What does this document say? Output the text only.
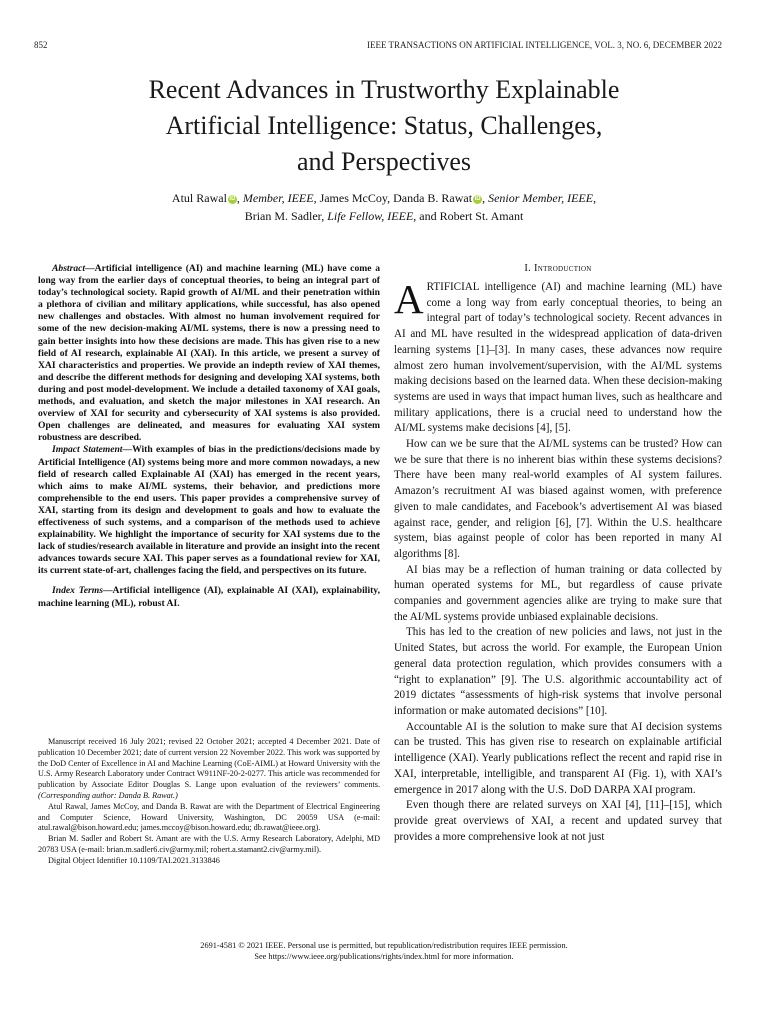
852	IEEE TRANSACTIONS ON ARTIFICIAL INTELLIGENCE, VOL. 3, NO. 6, DECEMBER 2022
Recent Advances in Trustworthy Explainable
Artificial Intelligence: Status, Challenges,
and Perspectives
Atul Rawal iD , Member, IEEE, James McCoy, Danda B. Rawat iD , Senior Member, IEEE,
Brian M. Sadler, Life Fellow, IEEE, and Robert St. Amant

Abstract—Artificial intelligence (AI) and machine learning (ML) have come a long way from the earlier days of conceptual theories, to being an integral part of today’s technological society. Rapid growth of AI/ML and their penetration within a plethora of civilian and military applications, while successful, has also opened new challenges and obstacles. With almost no human involvement required for some of the new decision-making AI/ML systems, there is now a pressing need to gain better insights into how these decisions are made. This has given rise to a new field of AI research, explainable AI (XAI). In this article, we present a survey of XAI characteristics and properties. We provide an indepth review of XAI themes, and describe the different methods for designing and developing XAI systems, both during and post model-development. We include a detailed taxonomy of XAI goals, methods, and evaluation, and sketch the major milestones in XAI research. An overview of XAI for security and cybersecurity of XAI systems is also provided. Open challenges are delineated, and measures for evaluating XAI system robustness are described.

Impact Statement—With examples of bias in the predictions/decisions made by Artificial Intelligence (AI) systems being more and more common nowadays, a new field of research called Explainable AI (XAI) has emerged in the recent years, which aims to make AI/ML systems, their behavior, and predictions more comprehensible to the end users. This paper provides a comprehensive survey of XAI, starting from its design and development to goals and how to evaluate the effectiveness of such systems, and a comparison of the methods used to achieve explainability. We highlight the importance of security for XAI systems due to the lack of studies/research available in literature and provide an insight into the recent advances towards secure XAI. This paper serves as a foundational review for XAI, its current state-of-art, challenges facing the field, and perspectives on its future.

Index Terms—Artificial intelligence (AI), explainable AI (XAI), explainability, machine learning (ML), robust AI.

Manuscript received 16 July 2021; revised 22 October 2021; accepted 4 December 2021. Date of publication 10 December 2021; date of current version 22 November 2022. This work was supported by the DoD Center of Excellence in AI and Machine Learning (CoE-AIML) at Howard University with the U.S. Army Research Laboratory under Contract W911NF-20-2-0277. This article was recommended for publication by Associate Editor Douglas S. Lange upon evaluation of the reviewers’ comments. (Corresponding author: Danda B. Rawat.)

Atul Rawal, James McCoy, and Danda B. Rawat are with the Department of Electrical Engineering and Computer Science, Howard University, Washington, DC 20059 USA (e-mail: atul.rawal@bison.howard.edu; james.mccoy@bison.howard.edu; db.rawat@ieee.org).

Brian M. Sadler and Robert St. Amant are with the U.S. Army Research Laboratory, Adelphi, MD 20783 USA (e-mail: brian.m.sadler6.civ@army.mil; robert.a.stamant2.civ@army.mil).

Digital Object Identifier 10.1109/TAI.2021.3133846

I. Introduction

ARTIFICIAL intelligence (AI) and machine learning (ML) have come a long way from early conceptual theories, to being an integral part of today’s technological society. Recent advances in AI and ML have resulted in the widespread application of data-driven learning systems [1]–[3]. In many cases, these advances now require almost zero human involvement/supervision, with the AI/ML systems making decisions based on the learned data. When these decision-making systems are used in ways that impact human lives, such as healthcare and military applications, there is a crucial need to understand how the AI/ML systems make decisions [4], [5].

How can we be sure that the AI/ML systems can be trusted? How can we be sure that there is no inherent bias within these systems decisions? There have been many real-world examples of AI system failures. Amazon’s recruitment AI was biased against women, with preference given to male candidates, and Facebook’s advertisement AI was biased against race, gender, and religion [6], [7]. Within the U.S. healthcare system, bias against people of color has been reported in many AI algorithms [8].

AI bias may be a reflection of human training or data collected by human operated systems for ML, but regardless of cause private companies and government agencies alike are trying to make sure that the AI/ML systems provide unbiased explainable decisions.

This has led to the creation of new policies and laws, not just in the United States, but across the world. For example, the European Union general data protection regulation, which provides consumers with a “right to explanation” [9]. The U.S. algorithmic accountability act of 2019 dictates “assessments of high-risk systems that involve personal information or make automated decisions” [10].

Accountable AI is the solution to make sure that AI decision systems can be trusted. This has given rise to research on explainable artificial intelligence (XAI). Yearly publications reflect the recent and rapid rise in XAI, interpretable, intelligible, and transparent AI (Fig. 1), with XAI’s emergence in 2017 along with the U.S. DoD DARPA XAI program.

Even though there are related surveys on XAI [4], [11]–[15], which provide great overviews of XAI, a recent and updated survey that provides a more comprehensive look at not just

2691-4581 © 2021 IEEE. Personal use is permitted, but republication/redistribution requires IEEE permission.
See https://www.ieee.org/publications/rights/index.html for more information.
